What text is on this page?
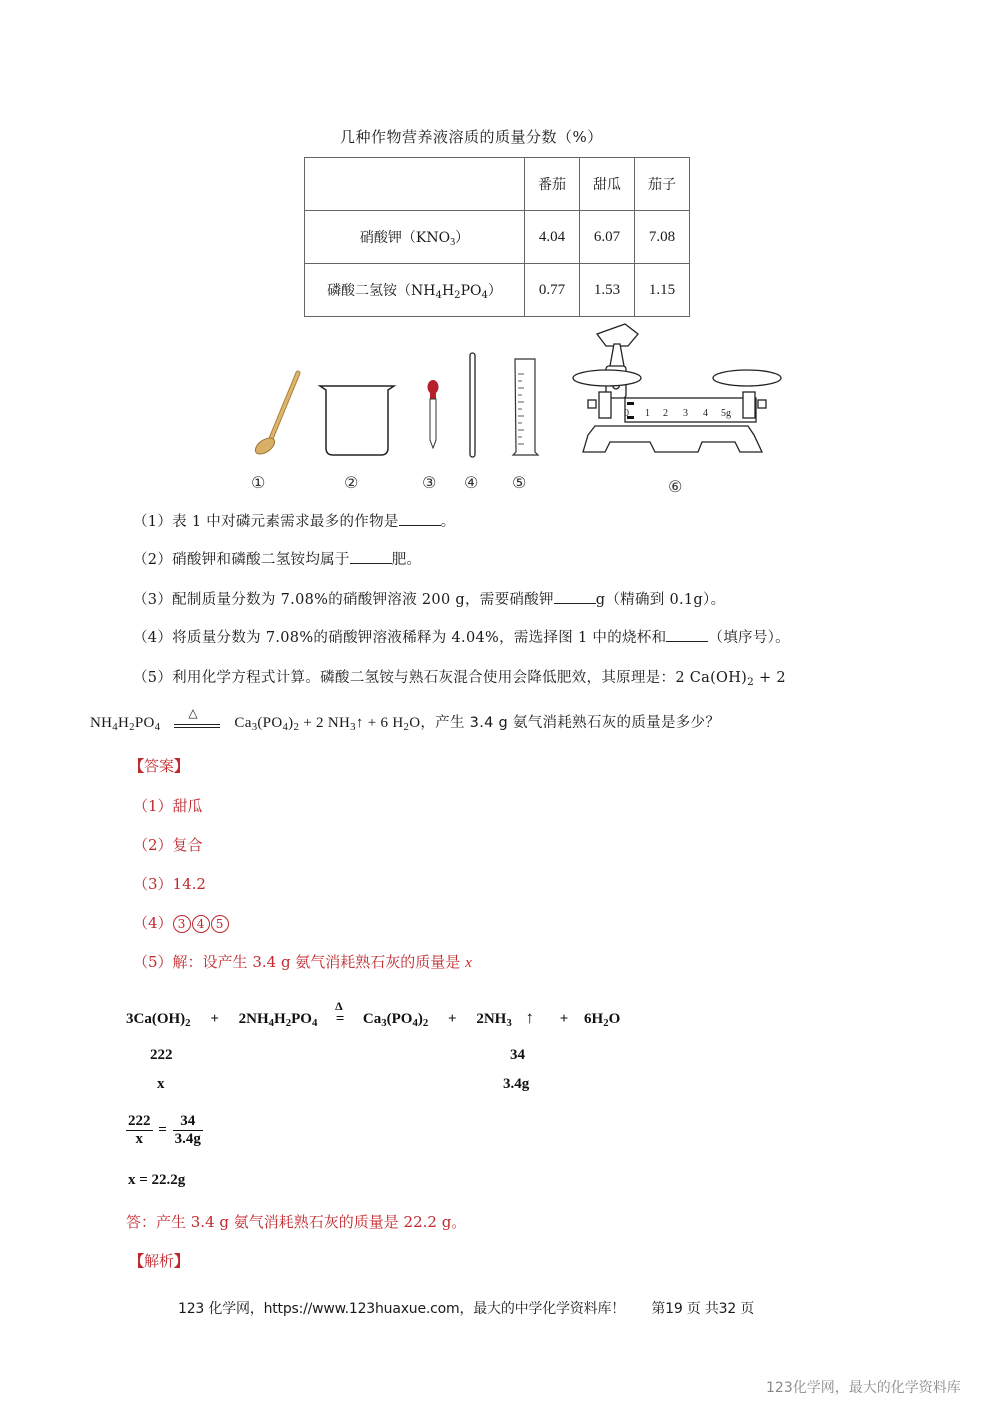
几种作物营养液溶质的质量分数（%）
	番茄	甜瓜	茄子
硝酸钾$(KNO_3)$	4.04	6.07	7.08
磷酸二氢铵$(NH_4H_2PO_4)$	0.77	1.53	1.15
0 1 2 3 4 5g
①	②	③ ④ ⑤	⑥
（1）表 1 中对磷元素需求最多的作物是	。
（2）硝酸钾和磷酸二氢铵均属于	肥。
（3）配制质量分数为 7.08%的硝酸钾溶液 200 g，需要硝酸钾	g（精确到 0.1g）。
（4）将质量分数为 7.08%的硝酸钾溶液稀释为 4.04%，需选择图 1 中的烧杯和	（填序号）。
（5）利用化学方程式计算。磷酸二氢铵与熟石灰混合使用会降低肥效，其原理是：2 $Ca(OH)_2 + 2$
$NH_4H_2PO_4$
△
$Ca_3(PO_4)_2 + 2$ $NH_3↑ + 6$ $H_2O$，产生 3.4 g 氨气消耗熟石灰的质量是多少？
【答案】
（1）甜瓜
（2）复合
（3）14.2
（4） 3 4 5
（5）解：设产生 3.4 g 氨气消耗熟石灰的质量是 x
$3Ca(OH)_2 + 2NH_4H_2PO_4$
Δ
= $Ca_3(PO_4)_2 + 2NH_3$ ↑ + $6H_2O$
222	34
x	3.4g
$\frac{222}{x} = \frac{34}{3.4g}$
x = 22.2g
答：产生 3.4 g 氨气消耗熟石灰的质量是 22.2 g。
【解析】
123 化学网，https://www.123huaxue.com，最大的中学化学资料库！ 第19 页 共32 页
123化学网，最大的化学资料库
